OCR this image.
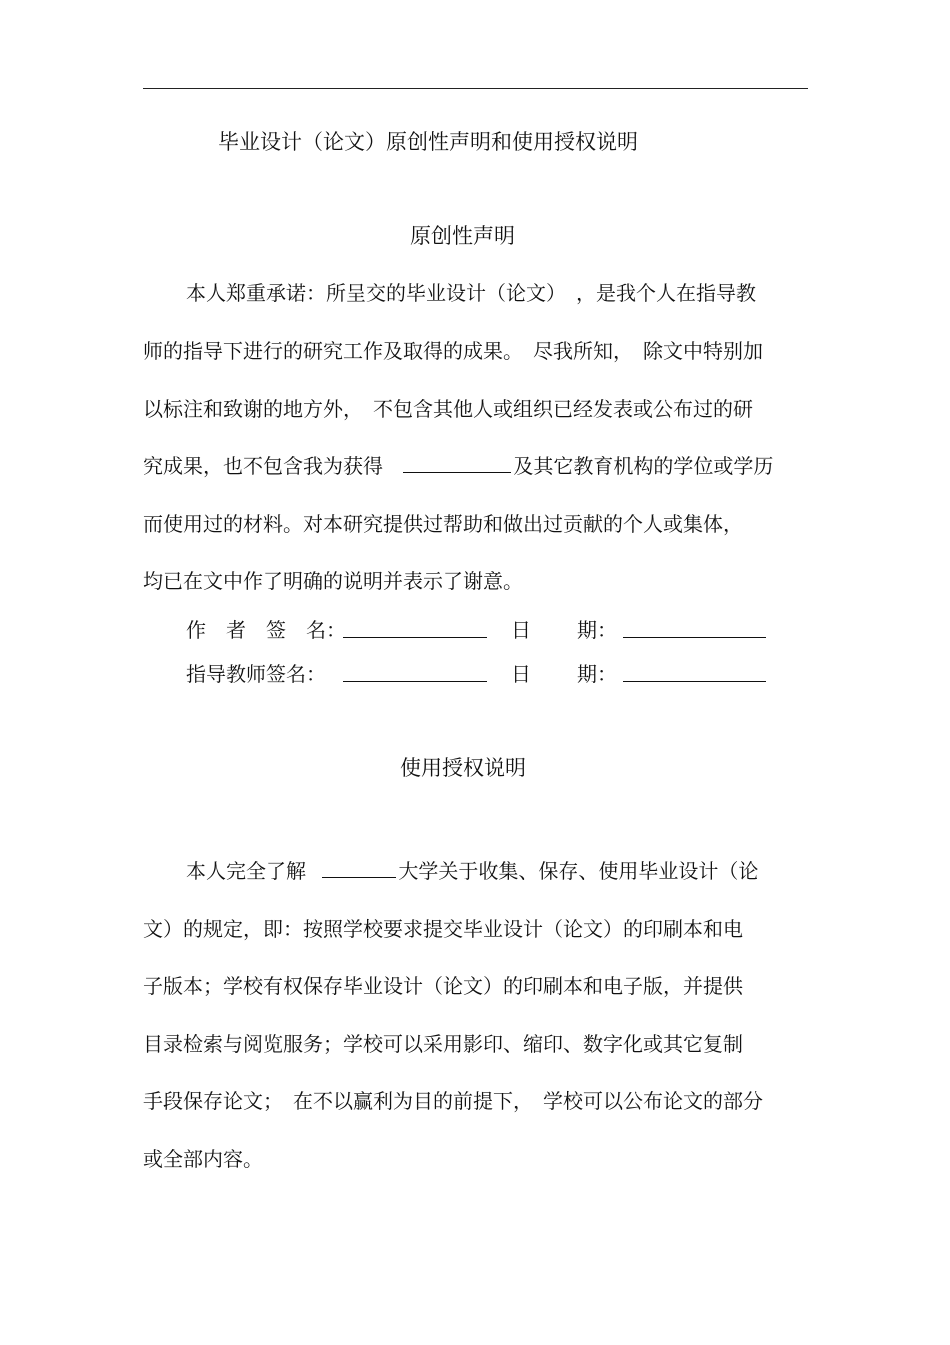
毕业设计（论文）原创性声明和使用授权说明
原创性声明
本人郑重承诺：所呈交的毕业设计（论文）　，是我个人在指导教
师的指导下进行的研究工作及取得的成果。　尽我所知，　除文中特别加
以标注和致谢的地方外，　不包含其他人或组织已经发表或公布过的研
究成果，也不包含我为获得	及其它教育机构的学位或学历
而使用过的材料。对本研究提供过帮助和做出过贡献的个人或集体，
均已在文中作了明确的说明并表示了谢意。
作　者　签　名：	日 期：
指导教师签名：	日 期：
使用授权说明
本人完全了解	大学关于收集、保存、使用毕业设计（论
文）的规定，即：按照学校要求提交毕业设计（论文）的印刷本和电
子版本；学校有权保存毕业设计（论文）的印刷本和电子版，并提供
目录检索与阅览服务；学校可以采用影印、缩印、数字化或其它复制
手段保存论文；　在不以赢利为目的前提下，　学校可以公布论文的部分
或全部内容。
